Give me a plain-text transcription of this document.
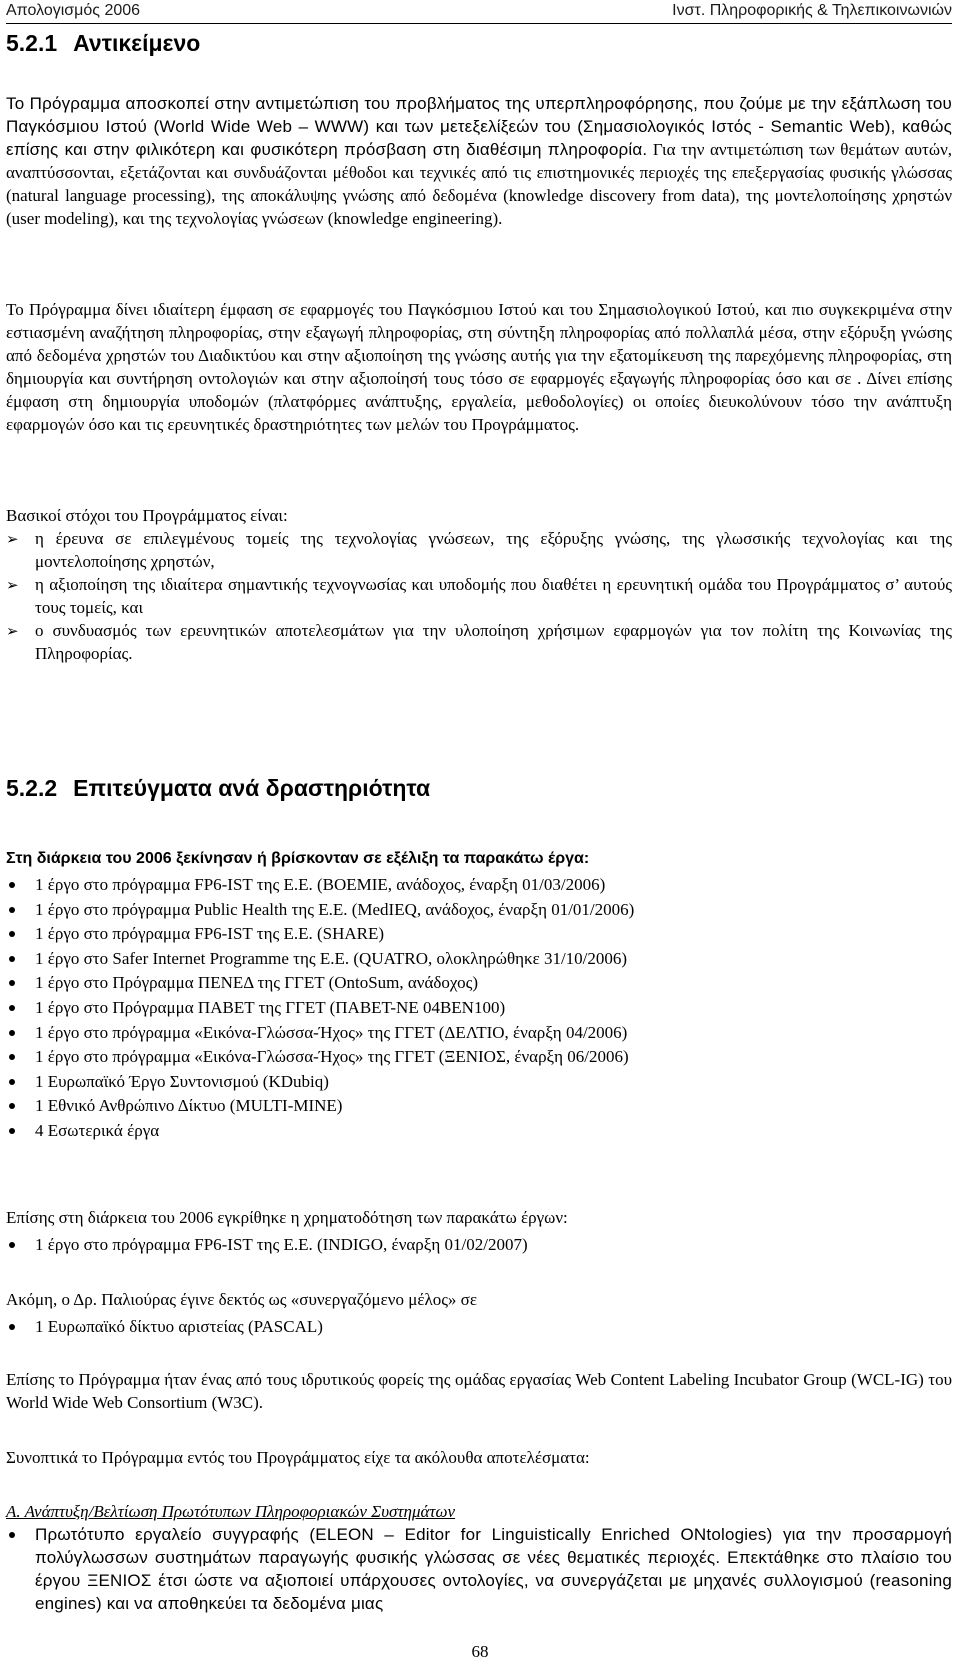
Απολογισμός 2006	Ινστ. Πληροφορικής & Τηλεπικοινωνιών
5.2.1 Αντικείμενο

Το Πρόγραμμα αποσκοπεί στην αντιμετώπιση του προβλήματος της υπερπληροφόρησης, που ζούμε με την εξάπλωση του Παγκόσμιου Ιστού (World Wide Web – WWW) και των μετεξελίξεών του (Σημασιολογικός Ιστός - Semantic Web), καθώς επίσης και στην φιλικότερη και φυσικότερη πρόσβαση στη διαθέσιμη πληροφορία. Για την αντιμετώπιση των θεμάτων αυτών, αναπτύσσονται, εξετάζονται και συνδυάζονται μέθοδοι και τεχνικές από τις επιστημονικές περιοχές της επεξεργασίας φυσικής γλώσσας (natural language processing), της αποκάλυψης γνώσης από δεδομένα (knowledge discovery from data), της μοντελοποίησης χρηστών (user modeling), και της τεχνολογίας γνώσεων (knowledge engineering).

Το Πρόγραμμα δίνει ιδιαίτερη έμφαση σε εφαρμογές του Παγκόσμιου Ιστού και του Σημασιολογικού Ιστού, και πιο συγκεκριμένα στην εστιασμένη αναζήτηση πληροφορίας, στην εξαγωγή πληροφορίας, στη σύντηξη πληροφορίας από πολλαπλά μέσα, στην εξόρυξη γνώσης από δεδομένα χρηστών του Διαδικτύου και στην αξιοποίηση της γνώσης αυτής για την εξατομίκευση της παρεχόμενης πληροφορίας, στη δημιουργία και συντήρηση οντολογιών και στην αξιοποίησή τους τόσο σε εφαρμογές εξαγωγής πληροφορίας όσο και σε . Δίνει επίσης έμφαση στη δημιουργία υποδομών (πλατφόρμες ανάπτυξης, εργαλεία, μεθοδολογίες) οι οποίες διευκολύνουν τόσο την ανάπτυξη εφαρμογών όσο και τις ερευνητικές δραστηριότητες των μελών του Προγράμματος.

Βασικοί στόχοι του Προγράμματος είναι:

➢ η έρευνα σε επιλεγμένους τομείς της τεχνολογίας γνώσεων, της εξόρυξης γνώσης, της γλωσσικής τεχνολογίας και της μοντελοποίησης χρηστών,
➢ η αξιοποίηση της ιδιαίτερα σημαντικής τεχνογνωσίας και υποδομής που διαθέτει η ερευνητική ομάδα του Προγράμματος σ’ αυτούς τους τομείς, και
➢ ο συνδυασμός των ερευνητικών αποτελεσμάτων για την υλοποίηση χρήσιμων εφαρμογών για τον πολίτη της Κοινωνίας της Πληροφορίας.
5.2.2 Επιτεύγματα ανά δραστηριότητα

Στη διάρκεια του 2006 ξεκίνησαν ή βρίσκονταν σε εξέλιξη τα παρακάτω έργα:

1 έργο στο πρόγραμμα FP6-IST της Ε.Ε. (BOEMIE, ανάδοχος, έναρξη 01/03/2006)
1 έργο στο πρόγραμμα Public Health της Ε.Ε. (MedIEQ, ανάδοχος, έναρξη 01/01/2006)
1 έργο στο πρόγραμμα FP6-IST της Ε.Ε. (SHARE)
1 έργο στο Safer Internet Programme της Ε.Ε. (QUATRO, ολοκληρώθηκε 31/10/2006)
1 έργο στο Πρόγραμμα ΠΕΝΕΔ της ΓΓΕΤ (OntoSum, ανάδοχος)
1 έργο στο Πρόγραμμα ΠΑΒΕΤ της ΓΓΕΤ (ΠΑΒΕΤ-ΝΕ 04ΒΕΝ100)
1 έργο στο πρόγραμμα «Εικόνα-Γλώσσα-Ήχος» της ΓΓΕΤ (ΔΕΛΤΙΟ, έναρξη 04/2006)
1 έργο στο πρόγραμμα «Εικόνα-Γλώσσα-Ήχος» της ΓΓΕΤ (ΞΕΝΙΟΣ, έναρξη 06/2006)
1 Ευρωπαϊκό Έργο Συντονισμού (KDubiq)
1 Εθνικό Ανθρώπινο Δίκτυο (MULTI-MINE)
4 Εσωτερικά έργα

Επίσης στη διάρκεια του 2006 εγκρίθηκε η χρηματοδότηση των παρακάτω έργων:

1 έργο στο πρόγραμμα FP6-IST της Ε.Ε. (INDIGO, έναρξη 01/02/2007)

Ακόμη, ο Δρ. Παλιούρας έγινε δεκτός ως «συνεργαζόμενο μέλος» σε

1 Ευρωπαϊκό δίκτυο αριστείας (PASCAL)

Επίσης το Πρόγραμμα ήταν ένας από τους ιδρυτικούς φορείς της ομάδας εργασίας Web Content Labeling Incubator Group (WCL-IG) του World Wide Web Consortium (W3C).

Συνοπτικά το Πρόγραμμα εντός του Προγράμματος είχε τα ακόλουθα αποτελέσματα:

Α. Ανάπτυξη/Βελτίωση Πρωτότυπων Πληροφοριακών Συστημάτων

Πρωτότυπο εργαλείο συγγραφής (ELEON – Editor for Linguistically Enriched ONtologies) για την προσαρμογή πολύγλωσσων συστημάτων παραγωγής φυσικής γλώσσας σε νέες θεματικές περιοχές. Επεκτάθηκε στο πλαίσιο του έργου ΞΕΝΙΟΣ έτσι ώστε να αξιοποιεί υπάρχουσες οντολογίες, να συνεργάζεται με μηχανές συλλογισμού (reasoning engines) και να αποθηκεύει τα δεδομένα μιας
68
